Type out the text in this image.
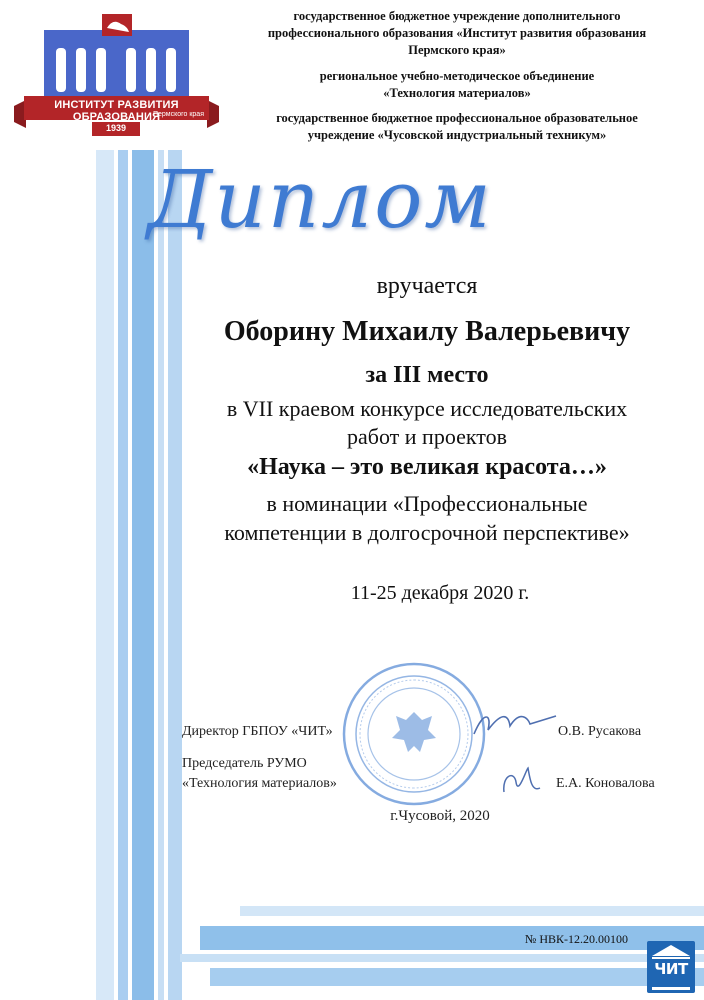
ИНСТИТУТ РАЗВИТИЯ ОБРАЗОВАНИЯ
Пермского края
1939
государственное бюджетное учреждение дополнительного
профессионального образования «Институт развития образования
Пермского края»
региональное учебно-методическое объединение
«Технология материалов»
государственное бюджетное профессиональное образовательное
учреждение «Чусовской индустриальный техникум»
Диплом
вручается
Оборину Михаилу Валерьевичу
за III место
в VII краевом конкурсе исследовательских
работ и проектов
«Наука – это великая красота…»
в номинации «Профессиональные
компетенции в долгосрочной перспективе»
11-25 декабря 2020 г.
Директор ГБПОУ «ЧИТ»	О.В. Русакова
Председатель РУМО
«Технология материалов»	Е.А. Коновалова
г.Чусовой, 2020
№ НВК-12.20.00100
ЧИТ
